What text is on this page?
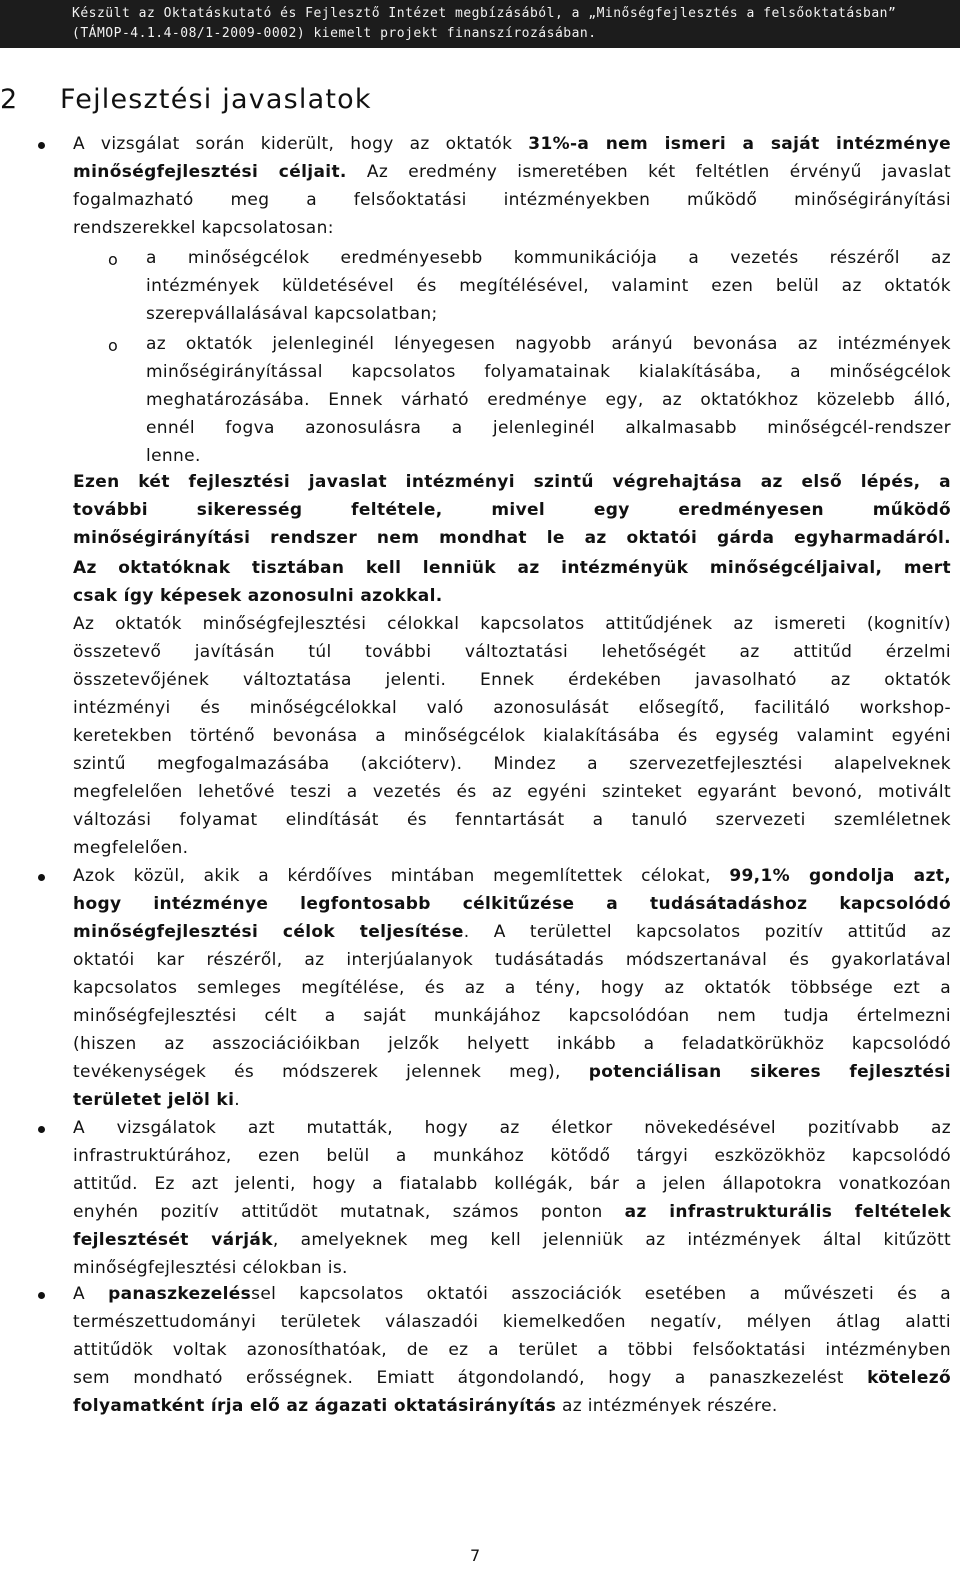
Készült az Oktatáskutató és Fejlesztő Intézet megbízásából, a „Minőségfejlesztés a felsőoktatásban”
(TÁMOP-4.1.4-08/1-2009-0002) kiemelt projekt finanszírozásában.
2 Fejlesztési javaslatok
A vizsgálat során kiderült, hogy az oktatók 31%-a nem ismeri a saját intézménye
minőségfejlesztési céljait. Az eredmény ismeretében két feltétlen érvényű javaslat
fogalmazható meg a felsőoktatási intézményekben működő minőségirányítási
rendszerekkel kapcsolatosan:
a minőségcélok eredményesebb kommunikációja a vezetés részéről az
o
intézmények küldetésével és megítélésével, valamint ezen belül az oktatók
szerepvállalásával kapcsolatban;
az oktatók jelenleginél lényegesen nagyobb arányú bevonása az intézmények
o
minőségirányítással kapcsolatos folyamatainak kialakításába, a minőségcélok
meghatározásába. Ennek várható eredménye egy, az oktatókhoz közelebb álló,
ennél fogva azonosulásra a jelenleginél alkalmasabb minőségcél-rendszer
lenne.
Ezen két fejlesztési javaslat intézményi szintű végrehajtása az első lépés, a
további sikeresség feltétele, mivel egy eredményesen működő
minőségirányítási rendszer nem mondhat le az oktatói gárda egyharmadáról.
Az oktatóknak tisztában kell lenniük az intézményük minőségcéljaival, mert
csak így képesek azonosulni azokkal.
Az oktatók minőségfejlesztési célokkal kapcsolatos attitűdjének az ismereti (kognitív)
összetevő javításán túl további változtatási lehetőségét az attitűd érzelmi
összetevőjének változtatása jelenti. Ennek érdekében javasolható az oktatók
intézményi és minőségcélokkal való azonosulását elősegítő, facilitáló workshop-
keretekben történő bevonása a minőségcélok kialakításába és egység valamint egyéni
szintű megfogalmazásába (akcióterv). Mindez a szervezetfejlesztési alapelveknek
megfelelően lehetővé teszi a vezetés és az egyéni szinteket egyaránt bevonó, motivált
változási folyamat elindítását és fenntartását a tanuló szervezeti szemléletnek
megfelelően.
Azok közül, akik a kérdőíves mintában megemlítettek célokat, 99,1% gondolja azt,
hogy intézménye legfontosabb célkitűzése a tudásátadáshoz kapcsolódó
minőségfejlesztési célok teljesítése. A területtel kapcsolatos pozitív attitűd az
oktatói kar részéről, az interjúalanyok tudásátadás módszertanával és gyakorlatával
kapcsolatos semleges megítélése, és az a tény, hogy az oktatók többsége ezt a
minőségfejlesztési célt a saját munkájához kapcsolódóan nem tudja értelmezni
(hiszen az asszociációikban jelzők helyett inkább a feladatkörükhöz kapcsolódó
tevékenységek és módszerek jelennek meg), potenciálisan sikeres fejlesztési
területet jelöl ki.
A vizsgálatok azt mutatták, hogy az életkor növekedésével pozitívabb az
infrastruktúrához, ezen belül a munkához kötődő tárgyi eszközökhöz kapcsolódó
attitűd. Ez azt jelenti, hogy a fiatalabb kollégák, bár a jelen állapotokra vonatkozóan
enyhén pozitív attitűdöt mutatnak, számos ponton az infrastrukturális feltételek
fejlesztését várják, amelyeknek meg kell jelenniük az intézmények által kitűzött
minőségfejlesztési célokban is.
A panaszkezeléssel kapcsolatos oktatói asszociációk esetében a művészeti és a
természettudományi területek válaszadói kiemelkedően negatív, mélyen átlag alatti
attitűdök voltak azonosíthatóak, de ez a terület a többi felsőoktatási intézményben
sem mondható erősségnek. Emiatt átgondolandó, hogy a panaszkezelést kötelező
folyamatként írja elő az ágazati oktatásirányítás az intézmények részére.
7
